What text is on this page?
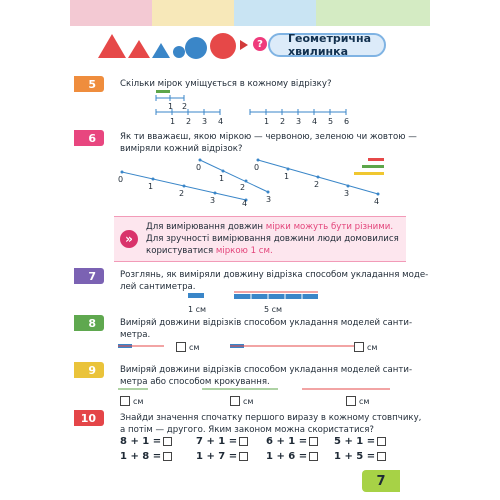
?	Геометрична хвилинка
5	Скільки мірок уміщується в кожному відрізку?
1 2
1 2 3 4	1 2 3 4 5 6
6	Як ти вважаєш, якою міркою — червоною, зеленою чи жовтою —
виміряли кожний відрізок?
0
1
2
3	4
0
1
2
3
0
1
2
3
4
»
Для вимірювання довжин мірки можуть бути різними.
Для зручності вимірювання довжини люди домовилися
користуватися міркою 1 см.
7	Розглянь, як виміряли довжину відрізка способом укладання моде-
лей сантиметра.
1 см	5 см
8	Виміряй довжини відрізків способом укладання моделей санти-
метра.
см	см
9	Виміряй довжини відрізків способом укладання моделей санти-
метра або способом крокування.
см	см	см
10	Знайди значення спочатку першого виразу в кожному стовпчику,
а потім — другого. Яким законом можна скористатися?
8 + 1 =
1 + 8 =
7 + 1 =
1 + 7 =
6 + 1 =
1 + 6 =
5 + 1 =
1 + 5 =
7
